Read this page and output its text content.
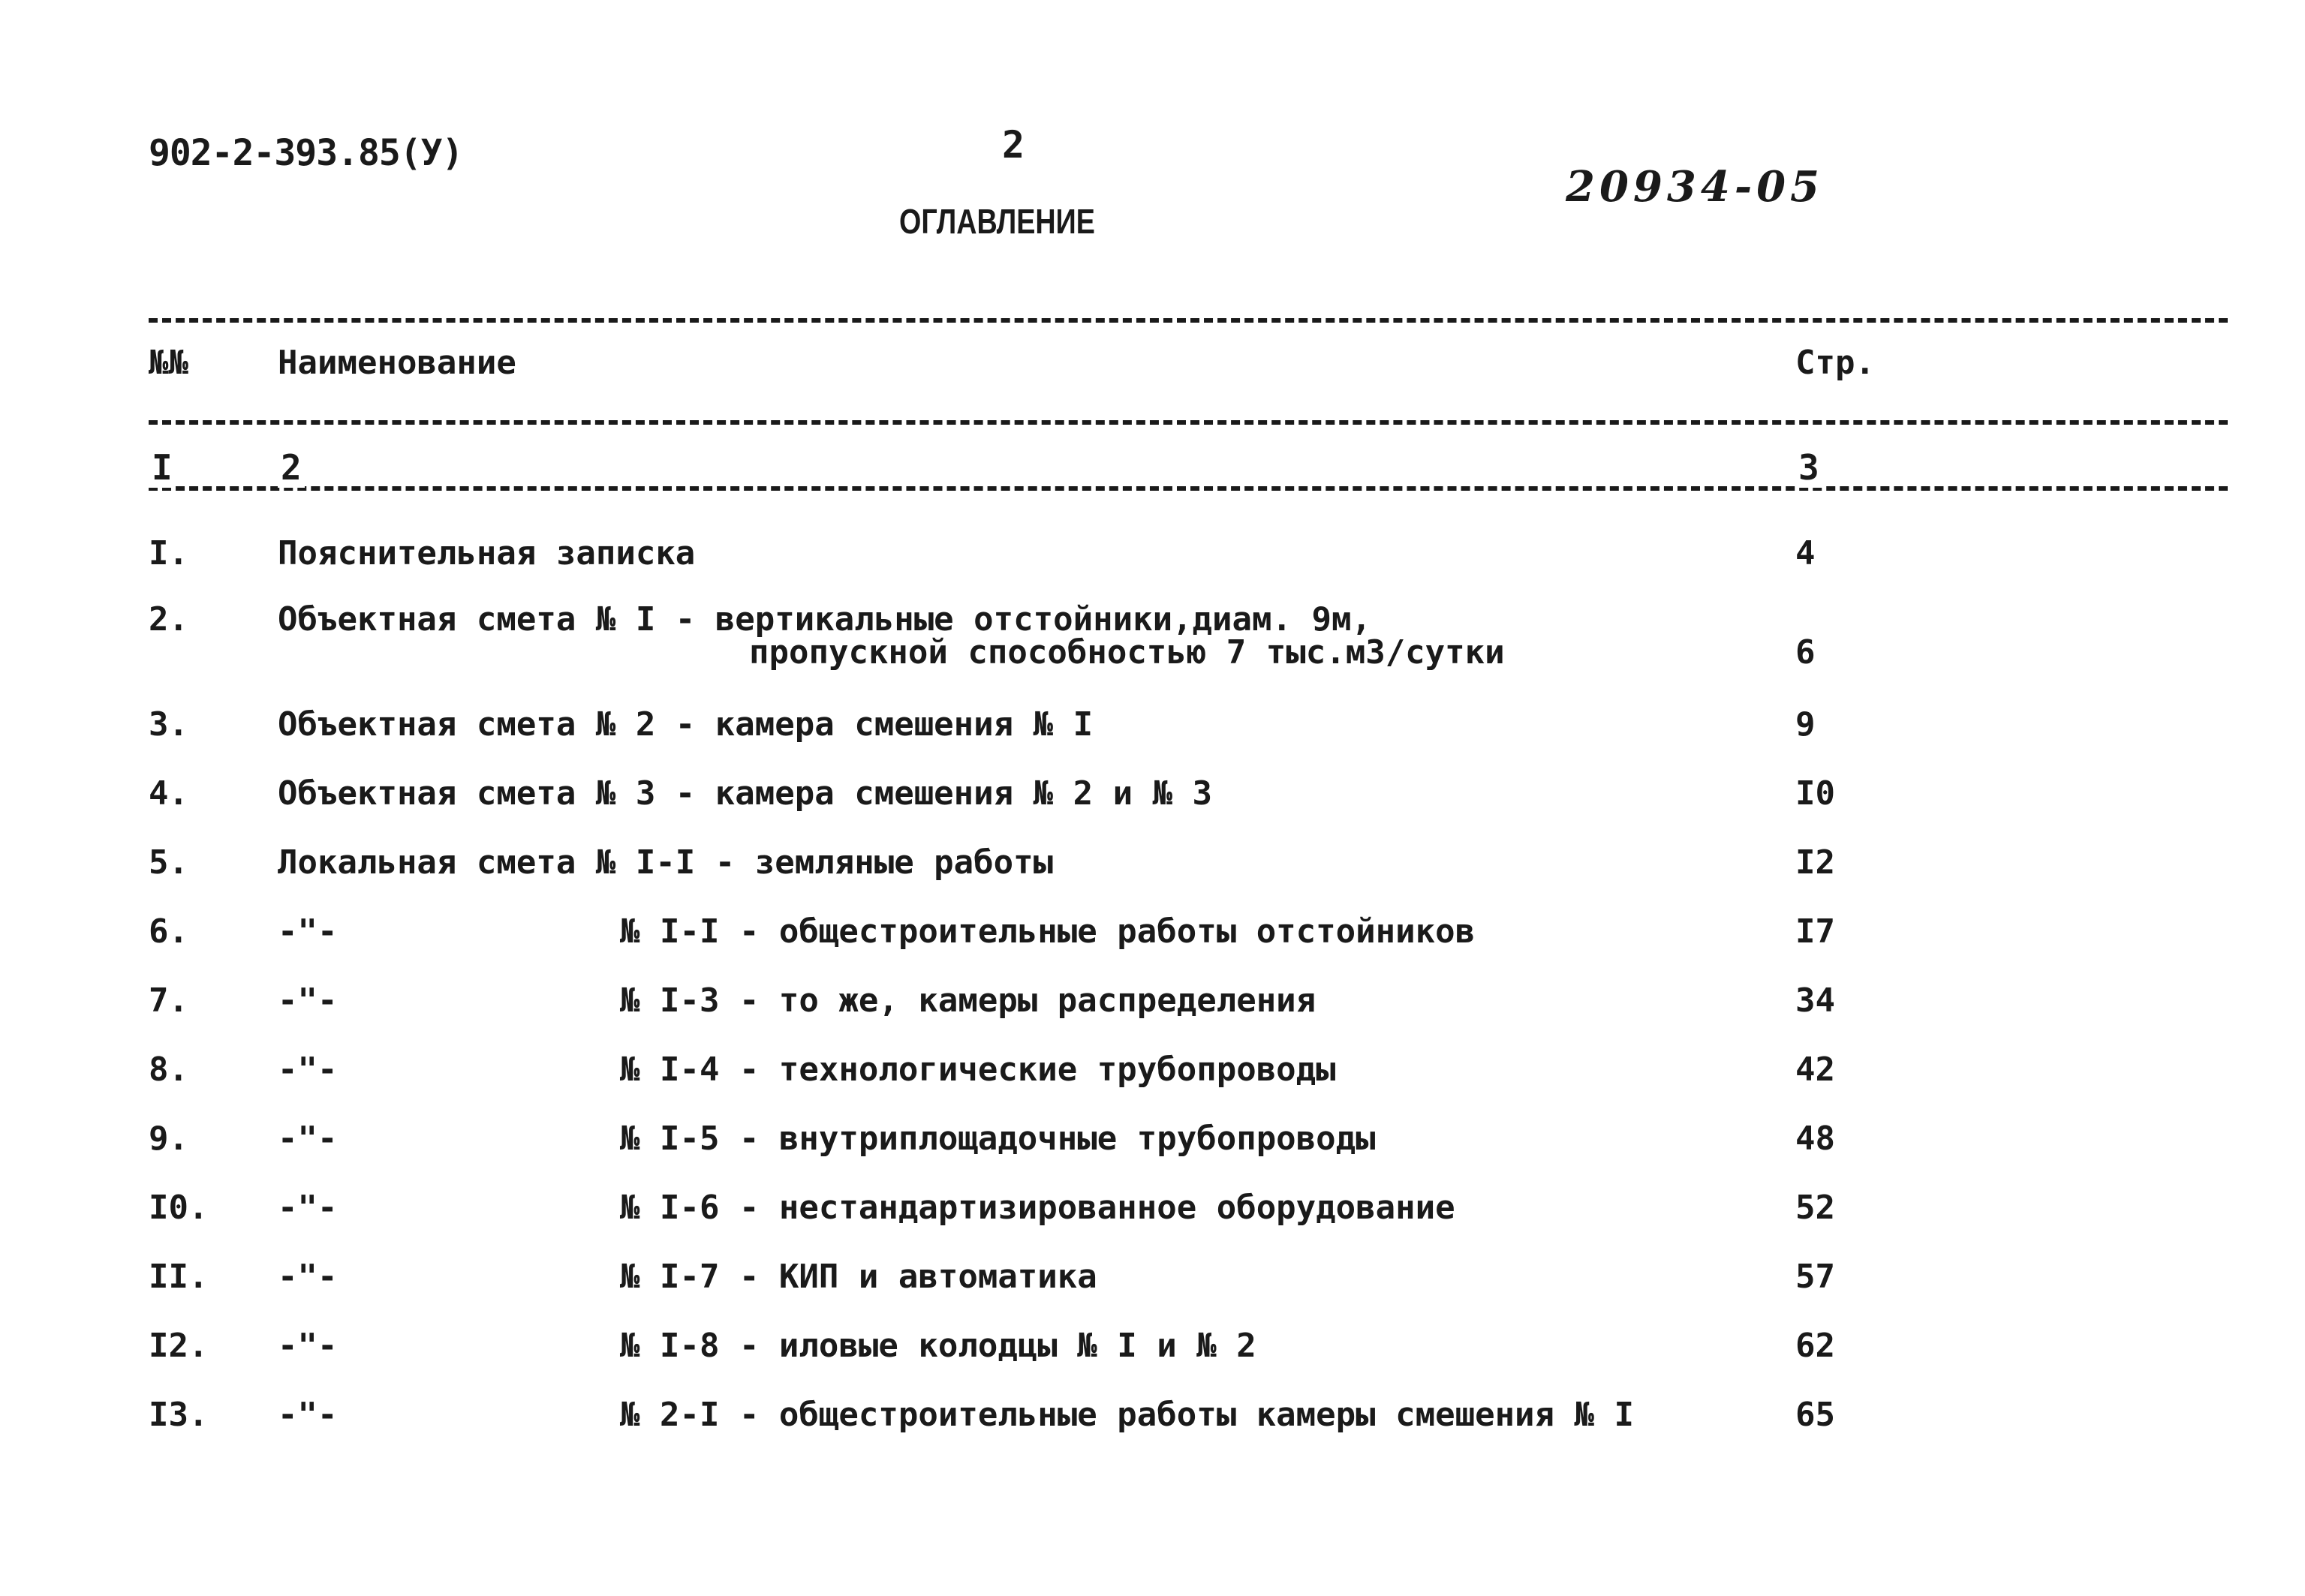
902-2-393.85(У)	2
20934-05
ОГЛАВЛЕНИЕ
№№	Наименование	Стр.
I	2	3
I.	Пояснительная записка	4
2.	Объектная смета № I - вертикальные отстойники,диам. 9м,
пропускной способностью 7 тыс.м3/сутки	6
3.	Объектная смета № 2 - камера смешения № I	9
4.	Объектная смета № 3 - камера смешения № 2 и № 3	I0
5.	Локальная смета № I-I - земляные работы	I2
6.	-"-	№ I-I - общестроительные работы отстойников	I7
7.	-"-	№ I-3 - то же, камеры распределения	34
8.	-"-	№ I-4 - технологические трубопроводы	42
9.	-"-	№ I-5 - внутриплощадочные трубопроводы	48
I0. -"-	№ I-6 - нестандартизированное оборудование	52
II. -"-	№ I-7 - КИП и автоматика	57
I2. -"-	№ I-8 - иловые колодцы № I и № 2	62
I3. -"-	№ 2-I - общестроительные работы камеры смешения № I	65
